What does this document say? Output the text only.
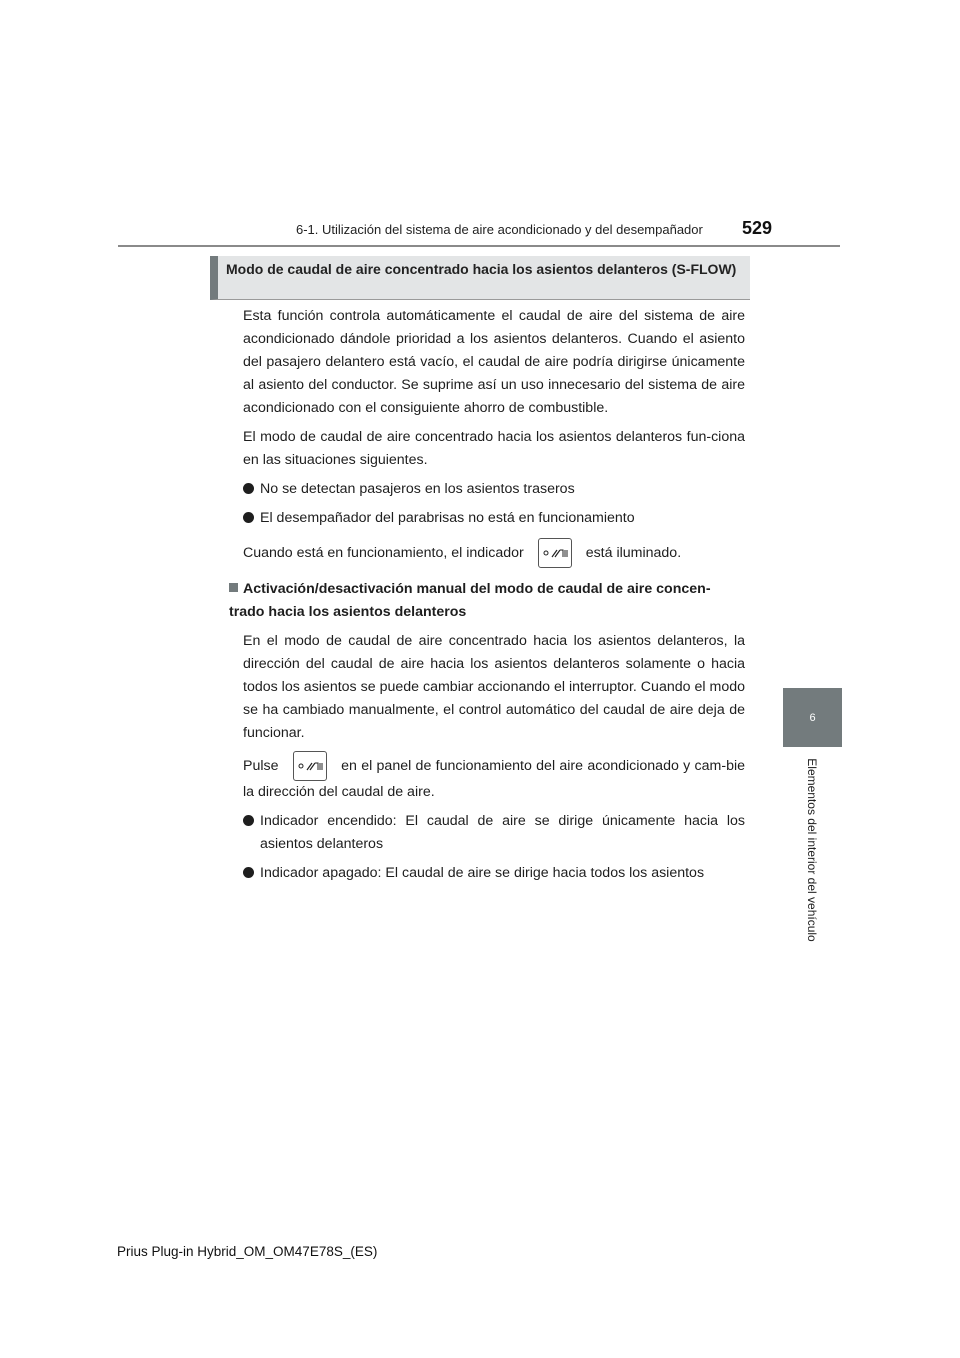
6-1. Utilización del sistema de aire acondicionado y del desempañador 529
6
Elementos del interior del vehículo
Modo de caudal de aire concentrado hacia los asientos delanteros (S-FLOW)

Esta función controla automáticamente el caudal de aire del sistema de aire acondicionado dándole prioridad a los asientos delanteros. Cuando el asiento del pasajero delantero está vacío, el caudal de aire podría dirigirse únicamente al asiento del conductor. Se suprime así un uso innecesario del sistema de aire acondicionado con el consiguiente ahorro de combustible.

El modo de caudal de aire concentrado hacia los asientos delanteros fun-ciona en las situaciones siguientes.

No se detectan pasajeros en los asientos traseros
El desempañador del parabrisas no está en funcionamiento
Cuando está en funcionamiento, el indicador	está iluminado.
Activación/desactivación manual del modo de caudal de aire concen-trado hacia los asientos delanteros

En el modo de caudal de aire concentrado hacia los asientos delanteros, la dirección del caudal de aire hacia los asientos delanteros solamente o hacia todos los asientos se puede cambiar accionando el interruptor. Cuando el modo se ha cambiado manualmente, el control automático del caudal de aire deja de funcionar.

Pulse	en el panel de funcionamiento del aire acondicionado y cam-bie la dirección del caudal de aire.

Indicador encendido: El caudal de aire se dirige únicamente hacia los asientos delanteros
Indicador apagado: El caudal de aire se dirige hacia todos los asientos
Prius Plug-in Hybrid_OM_OM47E78S_(ES)
